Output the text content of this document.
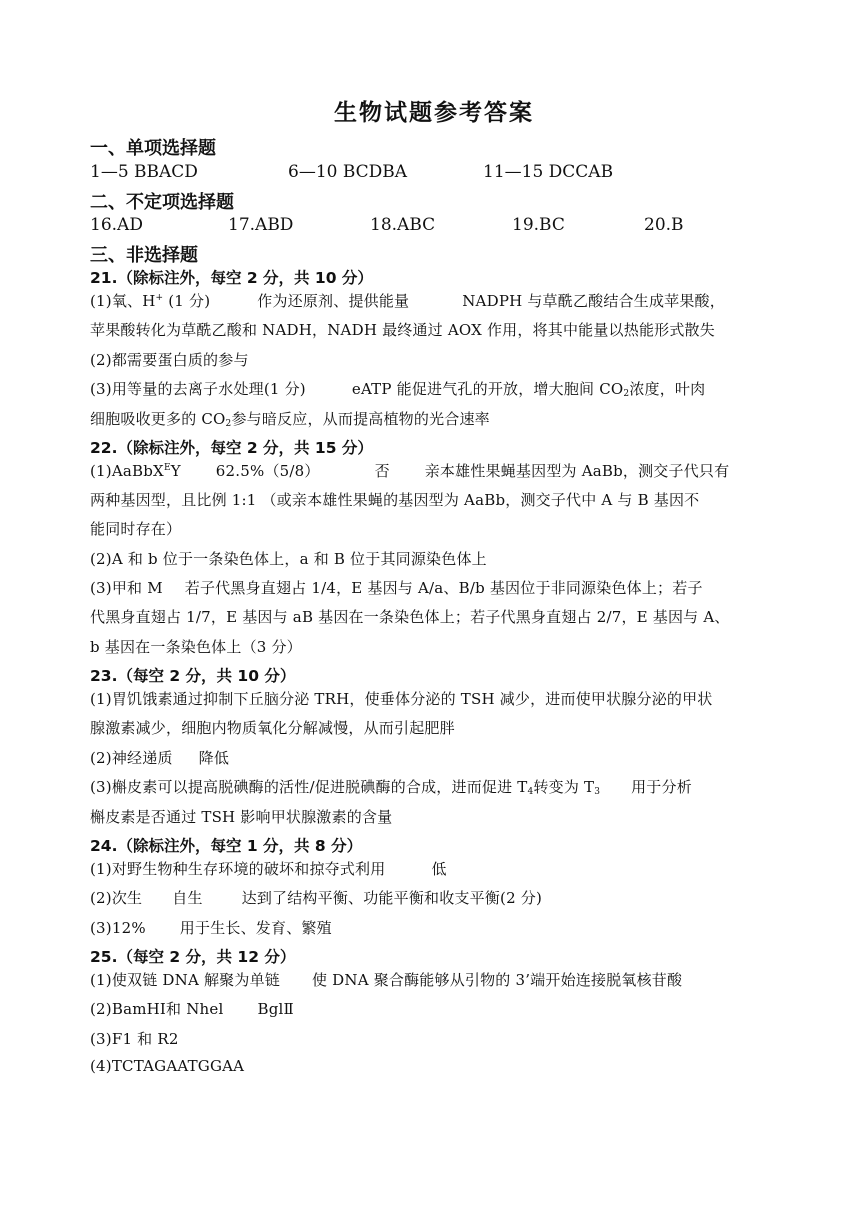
生物试题参考答案
一、单项选择题
1—5 BBACD	6—10 BCDBA	11—15 DCCAB
二、不定项选择题
16.AD	17.ABD	18.ABC	19.BC	20.B
三、非选择题
21.（除标注外，每空 2 分，共 10 分）
(1)氧、H+ (1 分)	作为还原剂、提供能量	NADPH 与草酰乙酸结合生成苹果酸，
苹果酸转化为草酰乙酸和 NADH，NADH 最终通过 AOX 作用，将其中能量以热能形式散失
(2)都需要蛋白质的参与
(3)用等量的去离子水处理(1 分)	eATP 能促进气孔的开放，增大胞间 $CO_2$浓度，叶肉
细胞吸收更多的 $CO_2$参与暗反应，从而提高植物的光合速率
22.（除标注外，每空 2 分，共 15 分）
(1)AaBbX$^E$Y 62.5%（5/8）	否 亲本雄性果蝇基因型为 AaBb，测交子代只有
两种基因型，且比例 1:1 （或亲本雄性果蝇的基因型为 AaBb，测交子代中 A 与 B 基因不
能同时存在）
(2)A 和 b 位于一条染色体上，a 和 B 位于其同源染色体上
(3)甲和 M 若子代黑身直翅占 1/4，E 基因与 A/a、B/b 基因位于非同源染色体上；若子
代黑身直翅占 1/7，E 基因与 aB 基因在一条染色体上；若子代黑身直翅占 2/7，E 基因与 A、
b 基因在一条染色体上（3 分）
23.（每空 2 分，共 10 分）
(1)胃饥饿素通过抑制下丘脑分泌 TRH，使垂体分泌的 TSH 减少，进而使甲状腺分泌的甲状
腺激素减少，细胞内物质氧化分解减慢，从而引起肥胖
(2)神经递质 降低
(3)槲皮素可以提高脱碘酶的活性/促进脱碘酶的合成，进而促进 $T_4$转变为 $T_3$ 用于分析
槲皮素是否通过 TSH 影响甲状腺激素的含量
24.（除标注外，每空 1 分，共 8 分）
(1)对野生物种生存环境的破坏和掠夺式利用	低
(2)次生 自生	达到了结构平衡、功能平衡和收支平衡(2 分)
(3)12% 用于生长、发育、繁殖
25.（每空 2 分，共 12 分）
(1)使双链 DNA 解聚为单链 使 DNA 聚合酶能够从引物的 3’端开始连接脱氧核苷酸
(2)BamHⅠ和 Nhel BglⅡ
(3)F1 和 R2
(4)TCTAGAATGGAA
